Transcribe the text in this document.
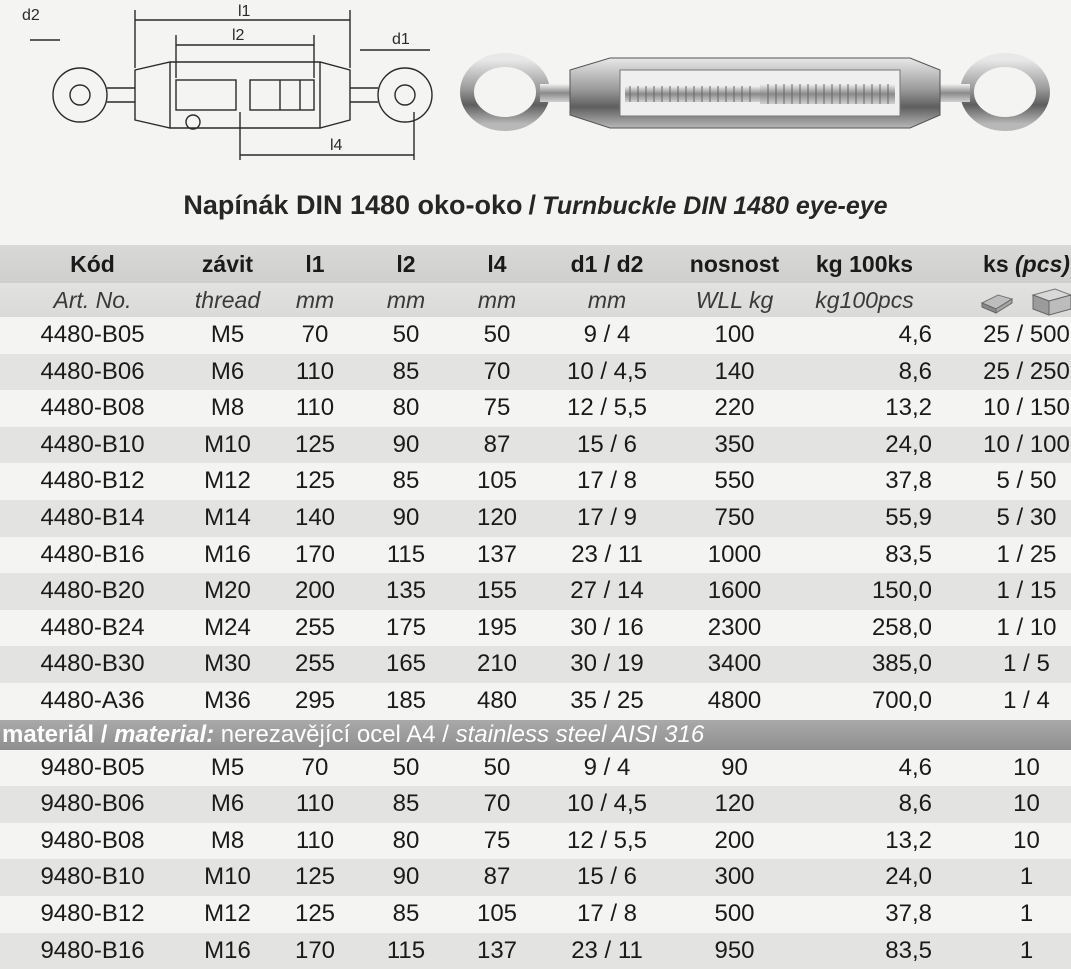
d2	l1
l2	d1
l4
Napínák DIN 1480 oko-oko / Turnbuckle DIN 1480 eye-eye
Kód	závit	l1	l2	l4	d1 / d2	nosnost	kg 100ks	ks (pcs)
Art. No.	thread	mm	mm	mm	mm	WLL kg	kg100pcs	
4480-B05	M5	70	50	50	9 / 4	100	4,6	25 / 500
4480-B06	M6	110	85	70	10 / 4,5	140	8,6	25 / 250
4480-B08	M8	110	80	75	12 / 5,5	220	13,2	10 / 150
4480-B10	M10	125	90	87	15 / 6	350	24,0	10 / 100
4480-B12	M12	125	85	105	17 / 8	550	37,8	5 / 50
4480-B14	M14	140	90	120	17 / 9	750	55,9	5 / 30
4480-B16	M16	170	115	137	23 / 11	1000	83,5	1 / 25
4480-B20	M20	200	135	155	27 / 14	1600	150,0	1 / 15
4480-B24	M24	255	175	195	30 / 16	2300	258,0	1 / 10
4480-B30	M30	255	165	210	30 / 19	3400	385,0	1 / 5
4480-A36	M36	295	185	480	35 / 25	4800	700,0	1 / 4
materiál / material: nerezavějící ocel A4 / stainless steel AISI 316								
9480-B05	M5	70	50	50	9 / 4	90	4,6	10
9480-B06	M6	110	85	70	10 / 4,5	120	8,6	10
9480-B08	M8	110	80	75	12 / 5,5	200	13,2	10
9480-B10	M10	125	90	87	15 / 6	300	24,0	1
9480-B12	M12	125	85	105	17 / 8	500	37,8	1
9480-B16	M16	170	115	137	23 / 11	950	83,5	1
